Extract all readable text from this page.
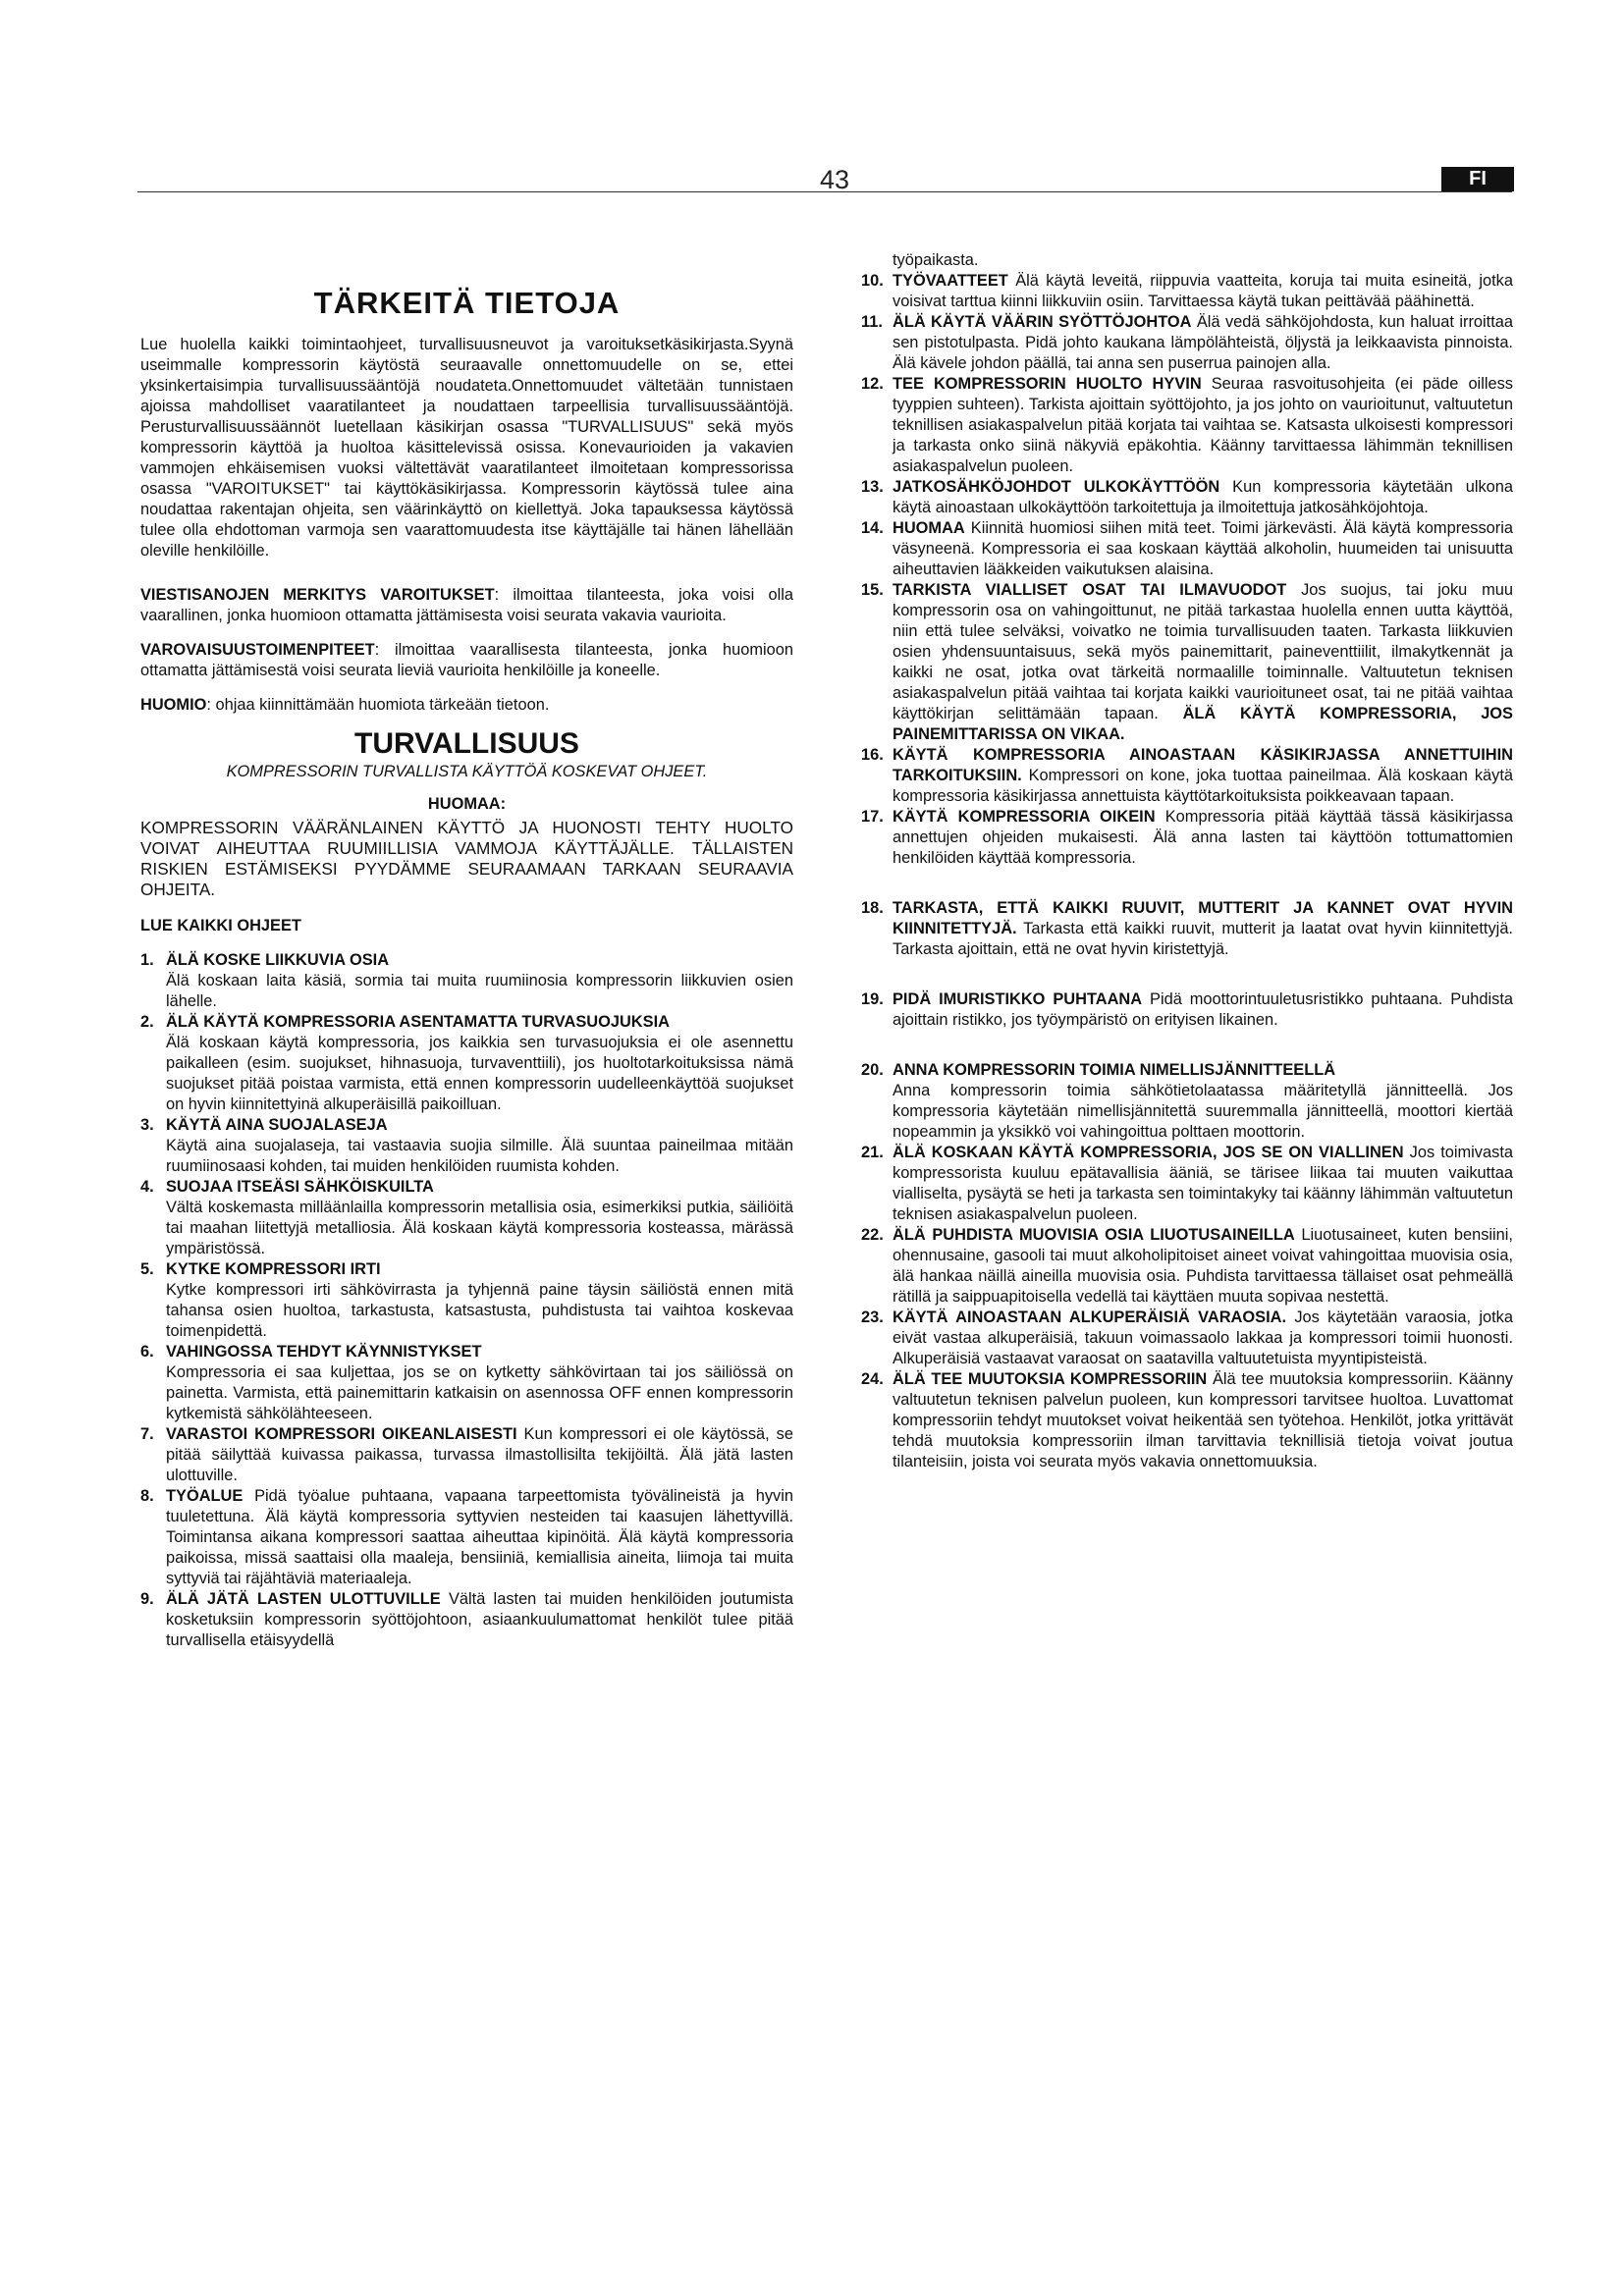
43	FI
TÄRKEITÄ TIETOJA

Lue huolella kaikki toimintaohjeet, turvallisuusneuvot ja varoituksetkäsikirjasta.Syynä useimmalle kompressorin käytöstä seuraavalle onnettomuudelle on se, ettei yksinkertaisimpia turvallisuussääntöjä noudateta.Onnettomuudet vältetään tunnistaen ajoissa mahdolliset vaaratilanteet ja noudattaen tarpeellisia turvallisuussääntöjä. Perusturvallisuussäännöt luetellaan käsikirjan osassa "TURVALLISUUS" sekä myös kompressorin käyttöä ja huoltoa käsittelevissä osissa. Konevaurioiden ja vakavien vammojen ehkäisemisen vuoksi vältettävät vaaratilanteet ilmoitetaan kompressorissa osassa "VAROITUKSET" tai käyttökäsikirjassa. Kompressorin käytössä tulee aina noudattaa rakentajan ohjeita, sen väärinkäyttö on kiellettyä. Joka tapauksessa käytössä tulee olla ehdottoman varmoja sen vaarattomuudesta itse käyttäjälle tai hänen lähellään oleville henkilöille.

VIESTISANOJEN MERKITYS VAROITUKSET: ilmoittaa tilanteesta, joka voisi olla vaarallinen, jonka huomioon ottamatta jättämisesta voisi seurata vakavia vaurioita.

VAROVAISUUSTOIMENPITEET: ilmoittaa vaarallisesta tilanteesta, jonka huomioon ottamatta jättämisestä voisi seurata lieviä vaurioita henkilöille ja koneelle.

HUOMIO: ohjaa kiinnittämään huomiota tärkeään tietoon.

TURVALLISUUS
KOMPRESSORIN TURVALLISTA KÄYTTÖÄ KOSKEVAT OHJEET.
HUOMAA:

KOMPRESSORIN VÄÄRÄNLAINEN KÄYTTÖ JA HUONOSTI TEHTY HUOLTO VOIVAT AIHEUTTAA RUUMIILLISIA VAMMOJA KÄYTTÄJÄLLE. TÄLLAISTEN RISKIEN ESTÄMISEKSI PYYDÄMME SEURAAMAAN TARKAAN SEURAAVIA OHJEITA.

LUE KAIKKI OHJEET
1. ÄLÄ KOSKE LIIKKUVIA OSIA
Älä koskaan laita käsiä, sormia tai muita ruumiinosia kompressorin liikkuvien osien lähelle.
2. ÄLÄ KÄYTÄ KOMPRESSORIA ASENTAMATTA TURVASUOJUKSIA
Älä koskaan käytä kompressoria, jos kaikkia sen turvasuojuksia ei ole asennettu paikalleen (esim. suojukset, hihnasuoja, turvaventtiili), jos huoltotarkoituksissa nämä suojukset pitää poistaa varmista, että ennen kompressorin uudelleenkäyttöä suojukset on hyvin kiinnitettyinä alkuperäisillä paikoilluan.
3. KÄYTÄ AINA SUOJALASEJA
Käytä aina suojalaseja, tai vastaavia suojia silmille. Älä suuntaa paineilmaa mitään ruumiinosaasi kohden, tai muiden henkilöiden ruumista kohden.
4. SUOJAA ITSEÄSI SÄHKÖISKUILTA
Vältä koskemasta milläänlailla kompressorin metallisia osia, esimerkiksi putkia, säiliöitä tai maahan liitettyjä metalliosia. Älä koskaan käytä kompressoria kosteassa, märässä ympäristössä.
5. KYTKE KOMPRESSORI IRTI
Kytke kompressori irti sähkövirrasta ja tyhjennä paine täysin säiliöstä ennen mitä tahansa osien huoltoa, tarkastusta, katsastusta, puhdistusta tai vaihtoa koskevaa toimenpidettä.
6. VAHINGOSSA TEHDYT KÄYNNISTYKSET
Kompressoria ei saa kuljettaa, jos se on kytketty sähkövirtaan tai jos säiliössä on painetta. Varmista, että painemittarin katkaisin on asennossa OFF ennen kompressorin kytkemistä sähkölähteeseen.
7. VARASTOI KOMPRESSORI OIKEANLAISESTI Kun kompressori ei ole käytössä, se pitää säilyttää kuivassa paikassa, turvassa ilmastollisilta tekijöiltä. Älä jätä lasten ulottuville.
8. TYÖALUE Pidä työalue puhtaana, vapaana tarpeettomista työvälineistä ja hyvin tuuletettuna. Älä käytä kompressoria syttyvien nesteiden tai kaasujen lähettyvillä. Toimintansa aikana kompressori saattaa aiheuttaa kipinöitä. Älä käytä kompressoria paikoissa, missä saattaisi olla maaleja, bensiiniä, kemiallisia aineita, liimoja tai muita syttyviä tai räjähtäviä materiaaleja.
9. ÄLÄ JÄTÄ LASTEN ULOTTUVILLE Vältä lasten tai muiden henkilöiden joutumista kosketuksiin kompressorin syöttöjohtoon, asiaankuulumattomat henkilöt tulee pitää turvallisella etäisyydellä

työpaikasta.

10. TYÖVAATTEET Älä käytä leveitä, riippuvia vaatteita, koruja tai muita esineitä, jotka voisivat tarttua kiinni liikkuviin osiin. Tarvittaessa käytä tukan peittävää päähinettä.
11. ÄLÄ KÄYTÄ VÄÄRIN SYÖTTÖJOHTOA Älä vedä sähköjohdosta, kun haluat irroittaa sen pistotulpasta. Pidä johto kaukana lämpölähteistä, öljystä ja leikkaavista pinnoista. Älä kävele johdon päällä, tai anna sen puserrua painojen alla.
12. TEE KOMPRESSORIN HUOLTO HYVIN Seuraa rasvoitusohjeita (ei päde oilless tyyppien suhteen). Tarkista ajoittain syöttöjohto, ja jos johto on vaurioitunut, valtuutetun teknillisen asiakaspalvelun pitää korjata tai vaihtaa se. Katsasta ulkoisesti kompressori ja tarkasta onko siinä näkyviä epäkohtia. Käänny tarvittaessa lähimmän teknillisen asiakaspalvelun puoleen.
13. JATKOSÄHKÖJOHDOT ULKOKÄYTTÖÖN Kun kompressoria käytetään ulkona käytä ainoastaan ulkokäyttöön tarkoitettuja ja ilmoitettuja jatkosähköjohtoja.
14. HUOMAA Kiinnitä huomiosi siihen mitä teet. Toimi järkevästi. Älä käytä kompressoria väsyneenä. Kompressoria ei saa koskaan käyttää alkoholin, huumeiden tai unisuutta aiheuttavien lääkkeiden vaikutuksen alaisina.
15. TARKISTA VIALLISET OSAT TAI ILMAVUODOT Jos suojus, tai joku muu kompressorin osa on vahingoittunut, ne pitää tarkastaa huolella ennen uutta käyttöä, niin että tulee selväksi, voivatko ne toimia turvallisuuden taaten. Tarkasta liikkuvien osien yhdensuuntaisuus, sekä myös painemittarit, paineventtiilit, ilmakytkennät ja kaikki ne osat, jotka ovat tärkeitä normaalille toiminnalle. Valtuutetun teknisen asiakaspalvelun pitää vaihtaa tai korjata kaikki vaurioituneet osat, tai ne pitää vaihtaa käyttökirjan selittämään tapaan. ÄLÄ KÄYTÄ KOMPRESSORIA, JOS PAINEMITTARISSA ON VIKAA.
16. KÄYTÄ KOMPRESSORIA AINOASTAAN KÄSIKIRJASSA ANNETTUIHIN TARKOITUKSIIN. Kompressori on kone, joka tuottaa paineilmaa. Älä koskaan käytä kompressoria käsikirjassa annettuista käyttötarkoituksista poikkeavaan tapaan.
17. KÄYTÄ KOMPRESSORIA OIKEIN Kompressoria pitää käyttää tässä käsikirjassa annettujen ohjeiden mukaisesti. Älä anna lasten tai käyttöön tottumattomien henkilöiden käyttää kompressoria.
18. TARKASTA, ETTÄ KAIKKI RUUVIT, MUTTERIT JA KANNET OVAT HYVIN KIINNITETTYJÄ. Tarkasta että kaikki ruuvit, mutterit ja laatat ovat hyvin kiinnitettyjä. Tarkasta ajoittain, että ne ovat hyvin kiristettyjä.
19. PIDÄ IMURISTIKKO PUHTAANA Pidä moottorintuuletusristikko puhtaana. Puhdista ajoittain ristikko, jos työympäristö on erityisen likainen.
20. ANNA KOMPRESSORIN TOIMIA NIMELLISJÄNNITTEELLÄ
Anna kompressorin toimia sähkötietolaatassa määritetyllä jännitteellä. Jos kompressoria käytetään nimellisjännitettä suuremmalla jännitteellä, moottori kiertää nopeammin ja yksikkö voi vahingoittua polttaen moottorin.
21. ÄLÄ KOSKAAN KÄYTÄ KOMPRESSORIA, JOS SE ON VIALLINEN Jos toimivasta kompressorista kuuluu epätavallisia ääniä, se tärisee liikaa tai muuten vaikuttaa vialliselta, pysäytä se heti ja tarkasta sen toimintakyky tai käänny lähimmän valtuutetun teknisen asiakaspalvelun puoleen.
22. ÄLÄ PUHDISTA MUOVISIA OSIA LIUOTUSAINEILLA Liuotusaineet, kuten bensiini, ohennusaine, gasooli tai muut alkoholipitoiset aineet voivat vahingoittaa muovisia osia, älä hankaa näillä aineilla muovisia osia. Puhdista tarvittaessa tällaiset osat pehmeällä rätillä ja saippuapitoisella vedellä tai käyttäen muuta sopivaa nestettä.
23. KÄYTÄ AINOASTAAN ALKUPERÄISIÄ VARAOSIA. Jos käytetään varaosia, jotka eivät vastaa alkuperäisiä, takuun voimassaolo lakkaa ja kompressori toimii huonosti. Alkuperäisiä vastaavat varaosat on saatavilla valtuutetuista myyntipisteistä.
24. ÄLÄ TEE MUUTOKSIA KOMPRESSORIIN Älä tee muutoksia kompressoriin. Käänny valtuutetun teknisen palvelun puoleen, kun kompressori tarvitsee huoltoa. Luvattomat kompressoriin tehdyt muutokset voivat heikentää sen työtehoa. Henkilöt, jotka yrittävät tehdä muutoksia kompressoriin ilman tarvittavia teknillisiä tietoja voivat joutua tilanteisiin, joista voi seurata myös vakavia onnettomuuksia.
